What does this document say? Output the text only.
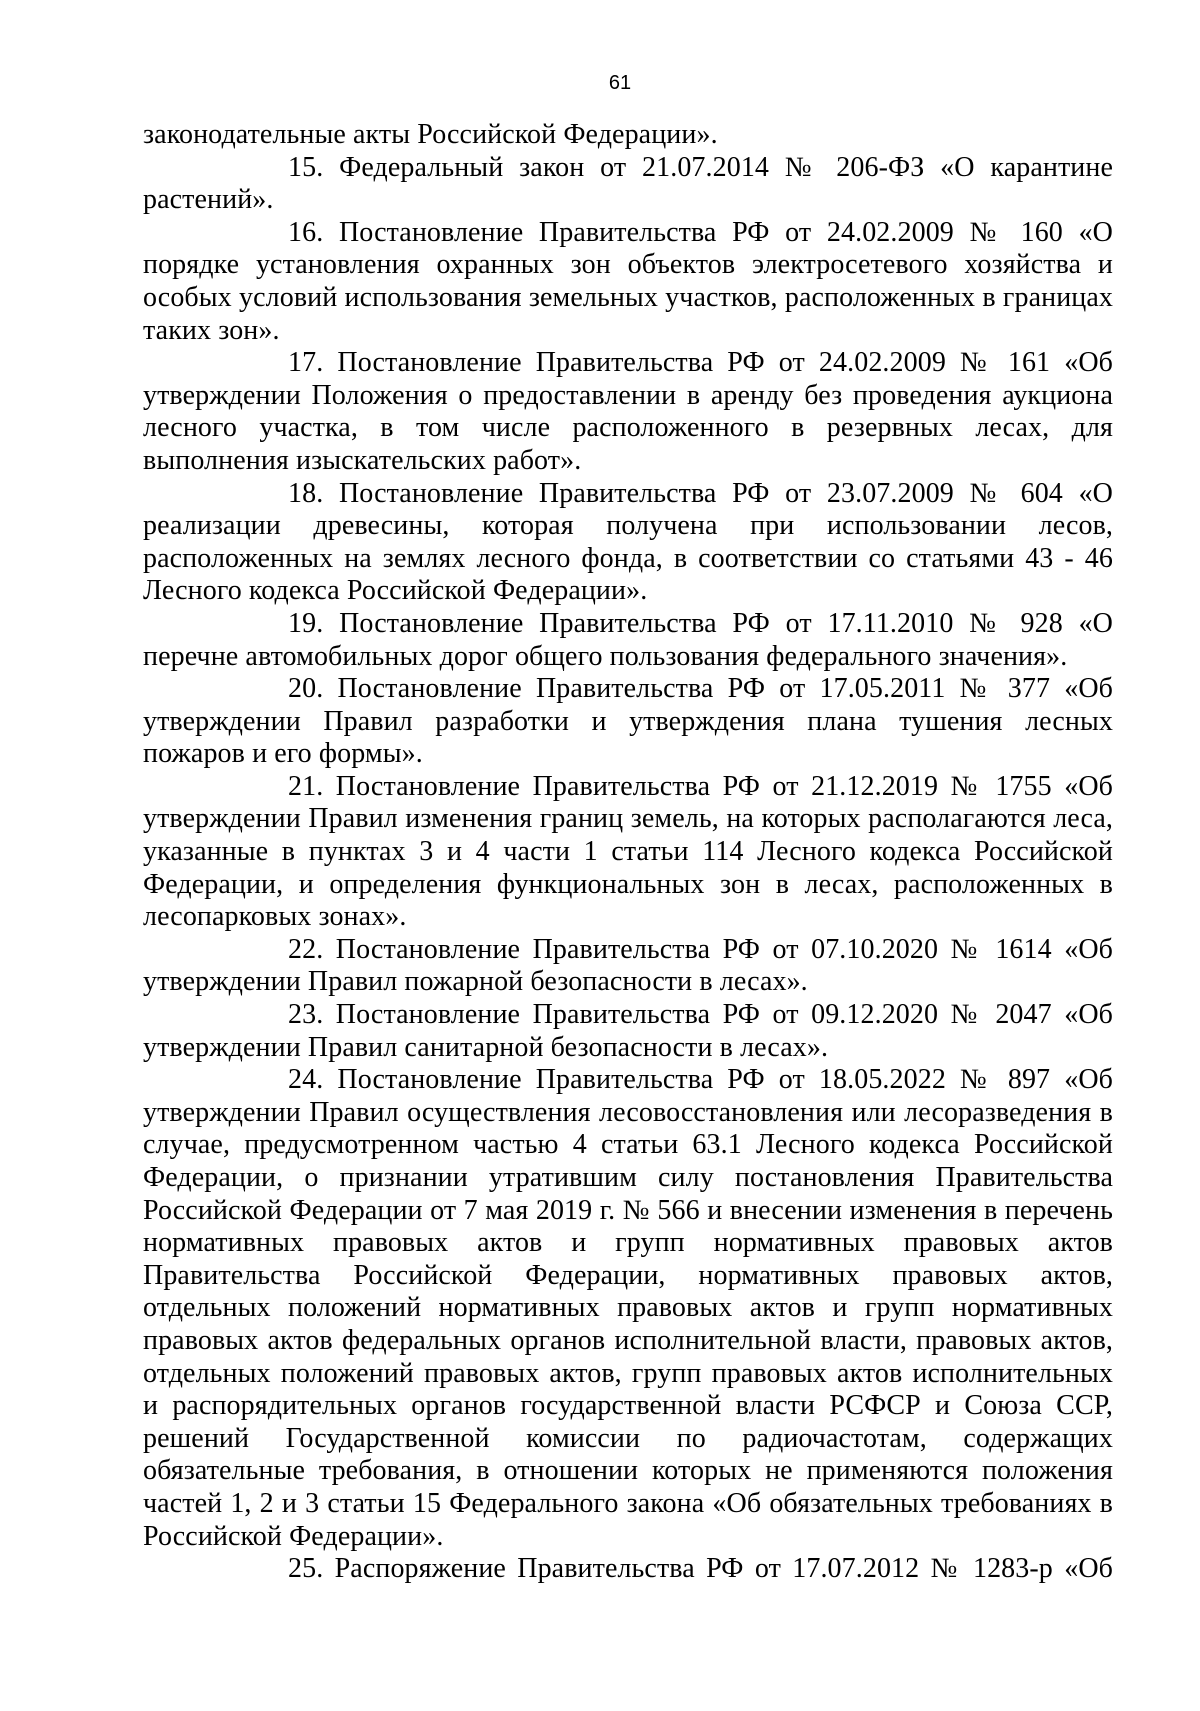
61

законодательные акты Российской Федерации».

15. Федеральный закон от 21.07.2014 № 206-ФЗ «О карантине растений».

16. Постановление Правительства РФ от 24.02.2009 № 160 «О порядке установления охранных зон объектов электросетевого хозяйства и особых условий использования земельных участков, расположенных в границах таких зон».

17. Постановление Правительства РФ от 24.02.2009 № 161 «Об утверждении Положения о предоставлении в аренду без проведения аукциона лесного участка, в том числе расположенного в резервных лесах, для выполнения изыскательских работ».

18. Постановление Правительства РФ от 23.07.2009 № 604 «О реализации древесины, которая получена при использовании лесов, расположенных на землях лесного фонда, в соответствии со статьями 43 - 46 Лесного кодекса Российской Федерации».

19. Постановление Правительства РФ от 17.11.2010 № 928 «О перечне автомобильных дорог общего пользования федерального значения».

20. Постановление Правительства РФ от 17.05.2011 № 377 «Об утверждении Правил разработки и утверждения плана тушения лесных пожаров и его формы».

21. Постановление Правительства РФ от 21.12.2019 № 1755 «Об утверждении Правил изменения границ земель, на которых располагаются леса, указанные в пунктах 3 и 4 части 1 статьи 114 Лесного кодекса Российской Федерации, и определения функциональных зон в лесах, расположенных в лесопарковых зонах».

22. Постановление Правительства РФ от 07.10.2020 № 1614 «Об утверждении Правил пожарной безопасности в лесах».

23. Постановление Правительства РФ от 09.12.2020 № 2047 «Об утверждении Правил санитарной безопасности в лесах».

24. Постановление Правительства РФ от 18.05.2022 № 897 «Об утверждении Правил осуществления лесовосстановления или лесоразведения в случае, предусмотренном частью 4 статьи 63.1 Лесного кодекса Российской Федерации, о признании утратившим силу постановления Правительства Российской Федерации от 7 мая 2019 г. № 566 и внесении изменения в перечень нормативных правовых актов и групп нормативных правовых актов Правительства Российской Федерации, нормативных правовых актов, отдельных положений нормативных правовых актов и групп нормативных правовых актов федеральных органов исполнительной власти, правовых актов, отдельных положений правовых актов, групп правовых актов исполнительных и распорядительных органов государственной власти РСФСР и Союза ССР, решений Государственной комиссии по радиочастотам, содержащих обязательные требования, в отношении которых не применяются положения частей 1, 2 и 3 статьи 15 Федерального закона «Об обязательных требованиях в Российской Федерации».

25. Распоряжение Правительства РФ от 17.07.2012 № 1283-р «Об
